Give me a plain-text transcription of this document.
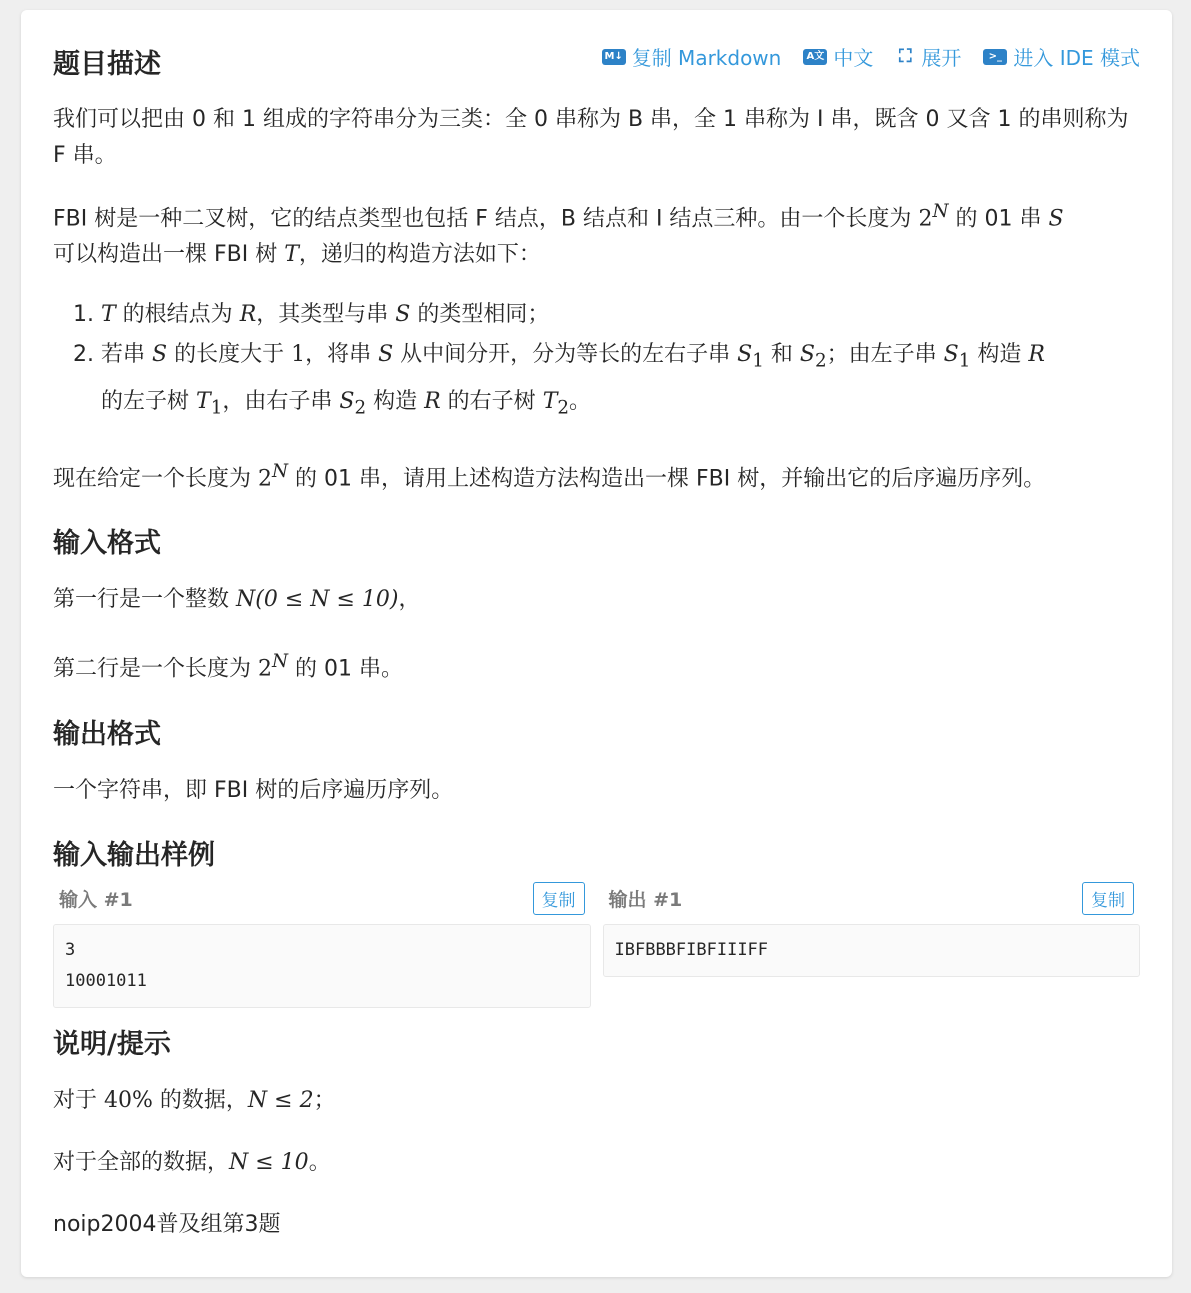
题目描述	M↓ 复制 Markdown	A文 中文 ⛶ 展开	>_ 进入 IDE 模式

我们可以把由 0 和 1 组成的字符串分为三类：全 0 串称为 B 串，全 1 串称为 I 串，既含 0 又含 1 的串则称为 F 串。

FBI 树是一种二叉树，它的结点类型也包括 F 结点，B 结点和 I 结点三种。由一个长度为 $2^N$ 的 01 串 S
可以构造出一棵 FBI 树 T，递归的构造方法如下：

1. T 的根结点为 R，其类型与串 S 的类型相同；
2. 若串 S 的长度大于 1，将串 S 从中间分开，分为等长的左右子串 $S_1$ 和 $S_2$；由左子串 $S_1$ 构造 R
的左子树 $T_1$，由右子串 $S_2$ 构造 R 的右子树 $T_2$。

现在给定一个长度为 $2^N$ 的 01 串，请用上述构造方法构造出一棵 FBI 树，并输出它的后序遍历序列。

输入格式

第一行是一个整数 N(0 ≤ N ≤ 10)，

第二行是一个长度为 $2^N$ 的 01 串。

输出格式

一个字符串，即 FBI 树的后序遍历序列。

输入输出样例
输入 #1	复制
3
10001011
输出 #1	复制
IBFBBBFIBFIIIFF
说明/提示

对于 40% 的数据，N ≤ 2；

对于全部的数据，N ≤ 10。

noip2004普及组第3题
